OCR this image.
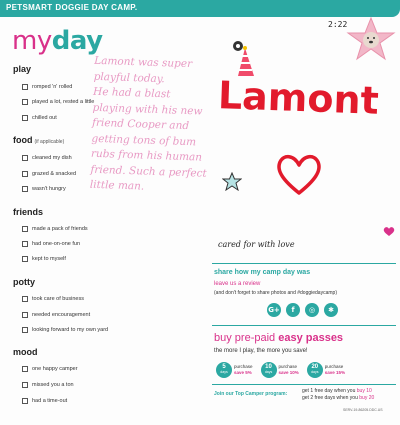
PETSMART DOGGIE DAY CAMP.
2:22
myday
play
romped 'n' rolled
played a lot, rested a little
chilled out
food (if applicable)
cleaned my dish
grazed & snacked
wasn't hungry
friends
made a pack of friends
had one-on-one fun
kept to myself
potty
took care of business
needed encouragement
looking forward to my own yard
mood
one happy camper
missed you a ton
had a time-out
Lamont was super
playful today.
He had a blast
playing with his new
friend Cooper and
getting tons of bum
rubs from his human
friend. Such a perfect
little man.
Lamont
cared for with love
share how my camp day was
leave us a review
(and don't forget to share photos and #doggiedaycamp)
G+	f	◎	✱
buy pre-paid easy passes
the more I play, the more you save!
5
days
purchase
save 5%
10
days
purchase
save 10%
20
days
purchase
save 15%
Join our Top Camper program:	get 1 free day when you buy 10
get 2 free days when you buy 20
SERV-19-86205.DDC.US
